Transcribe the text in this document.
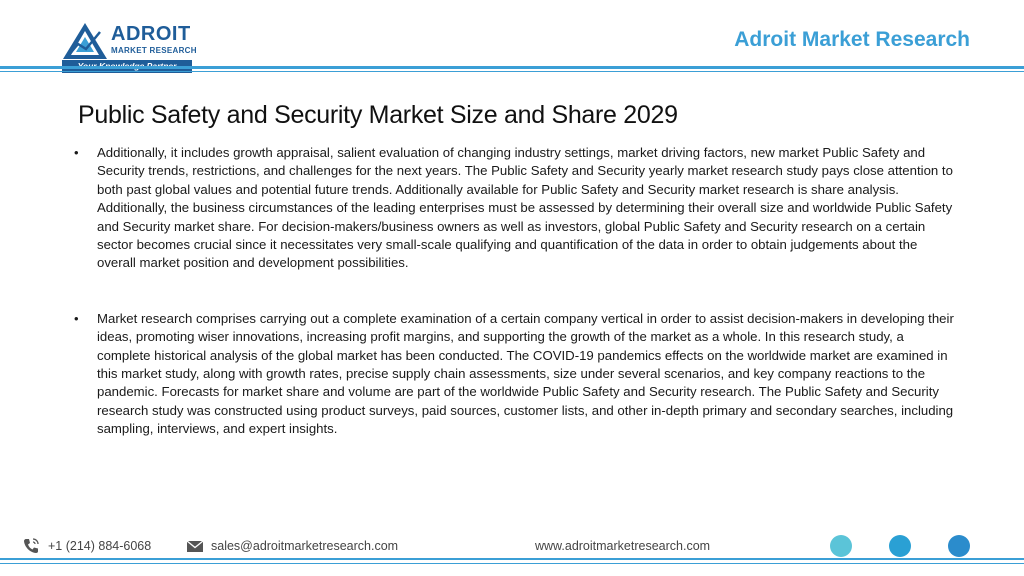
ADROIT
MARKET RESEARCH	Adroit Market Research
Public Safety and Security Market Size and Share 2029
• Additionally, it includes growth appraisal, salient evaluation of changing industry settings, market driving factors, new market Public Safety and Security trends, restrictions, and challenges for the next years. The Public Safety and Security yearly market research study pays close attention to both past global values and potential future trends. Additionally available for Public Safety and Security market research is share analysis. Additionally, the business circumstances of the leading enterprises must be assessed by determining their overall size and worldwide Public Safety and Security market share. For decision-makers/business owners as well as investors, global Public Safety and Security research on a certain sector becomes crucial since it necessitates very small-scale qualifying and quantification of the data in order to obtain judgements about the overall market position and development possibilities.
• Market research comprises carrying out a complete examination of a certain company vertical in order to assist decision-makers in developing their ideas, promoting wiser innovations, increasing profit margins, and supporting the growth of the market as a whole. In this research study, a complete historical analysis of the global market has been conducted. The COVID-19 pandemics effects on the worldwide market are examined in this market study, along with growth rates, precise supply chain assessments, size under several scenarios, and key company reactions to the pandemic. Forecasts for market share and volume are part of the worldwide Public Safety and Security research. The Public Safety and Security research study was constructed using product surveys, paid sources, customer lists, and other in-depth primary and secondary searches, including sampling, interviews, and expert insights.
+1 (214) 884-6068	sales@adroitmarketresearch.com	www.adroitmarketresearch.com
